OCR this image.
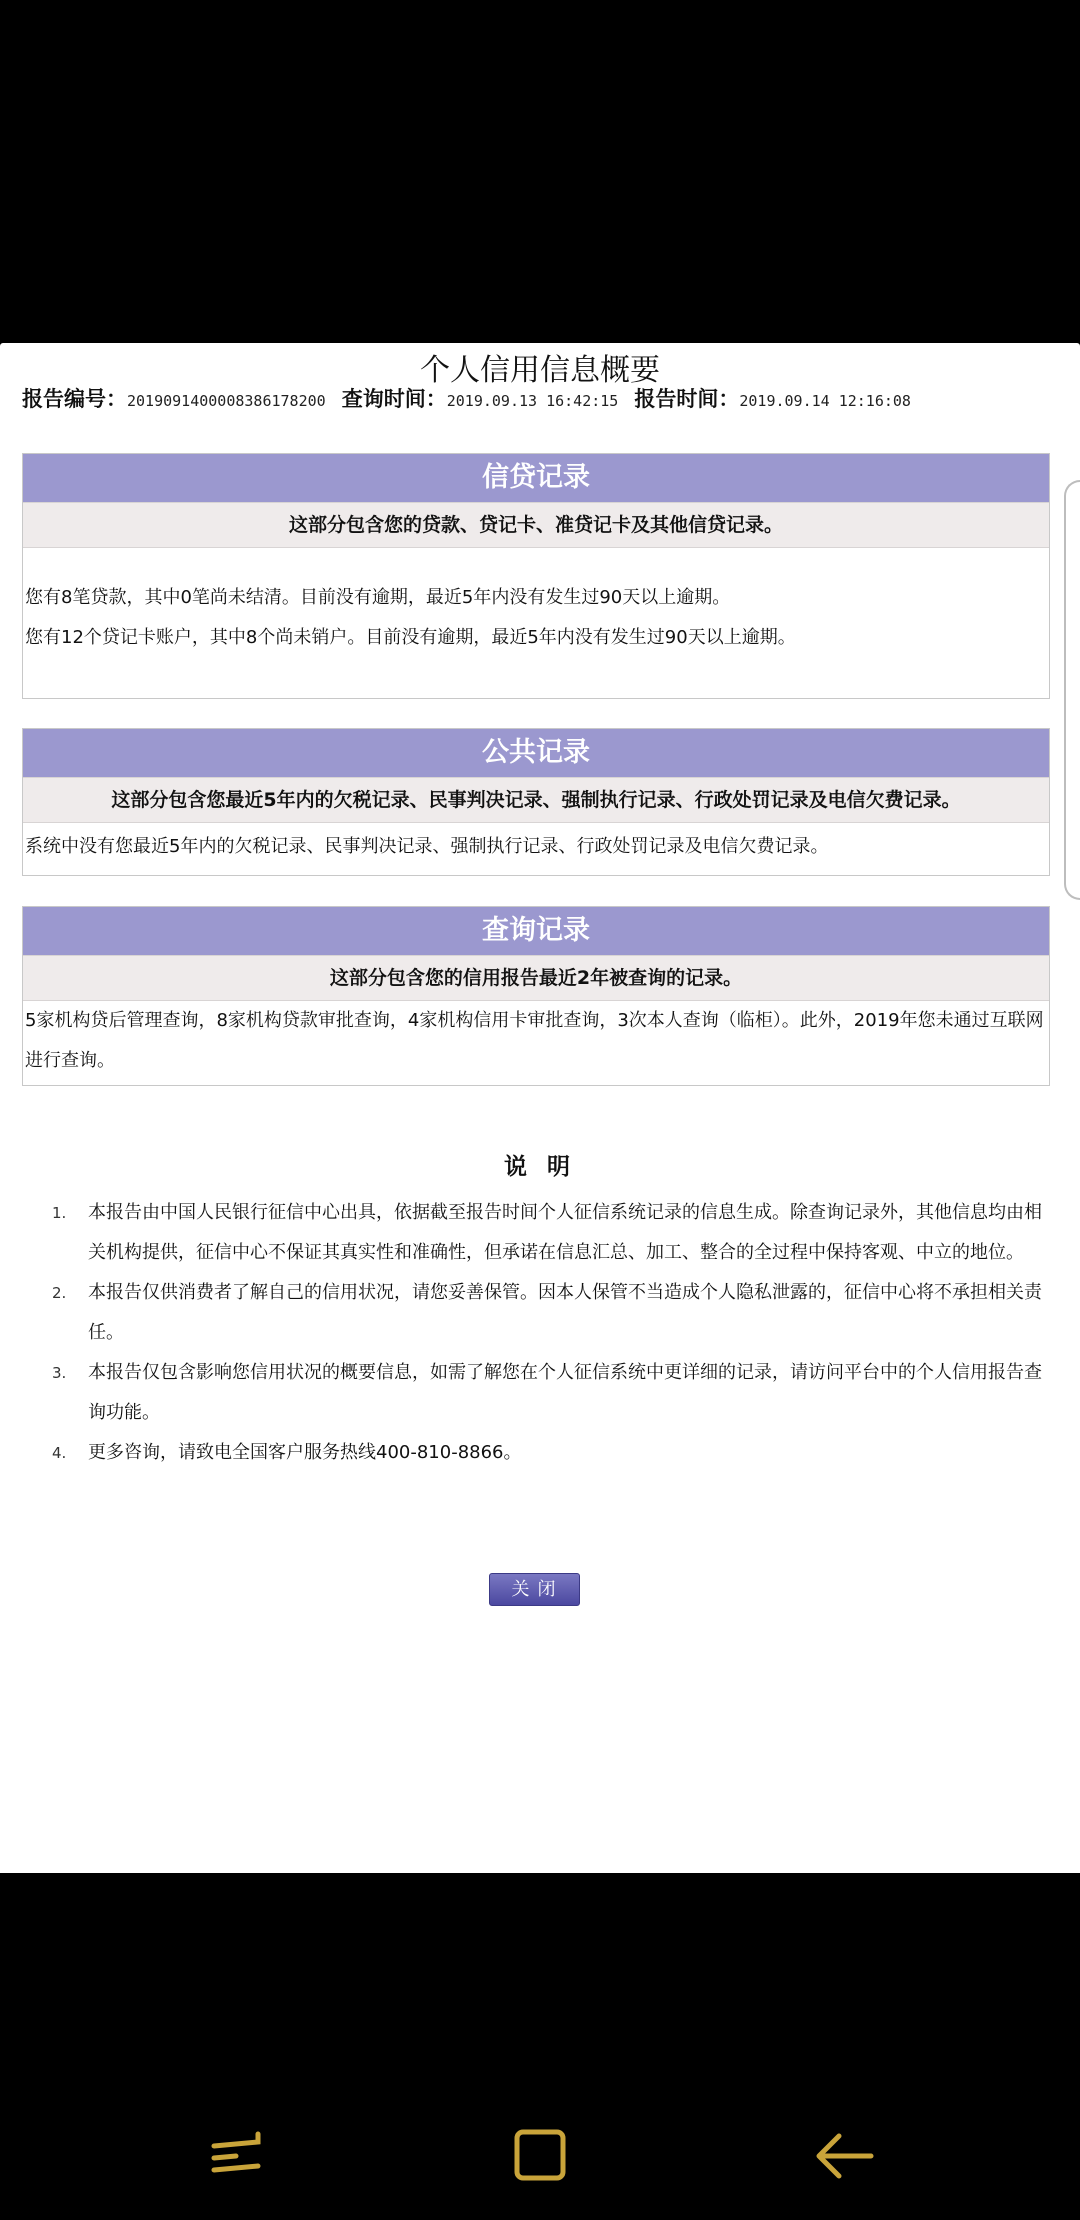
个人信用信息概要
报告编号：2019091400008386178200 查询时间：2019.09.13 16:42:15 报告时间：2019.09.14 12:16:08
信贷记录
这部分包含您的贷款、贷记卡、准贷记卡及其他信贷记录。

您有8笔贷款，其中0笔尚未结清。目前没有逾期，最近5年内没有发生过90天以上逾期。

您有12个贷记卡账户，其中8个尚未销户。目前没有逾期，最近5年内没有发生过90天以上逾期。

公共记录
这部分包含您最近5年内的欠税记录、民事判决记录、强制执行记录、行政处罚记录及电信欠费记录。

系统中没有您最近5年内的欠税记录、民事判决记录、强制执行记录、行政处罚记录及电信欠费记录。

查询记录
这部分包含您的信用报告最近2年被查询的记录。

5家机构贷后管理查询，8家机构贷款审批查询，4家机构信用卡审批查询，3次本人查询（临柜）。此外，2019年您未通过互联网进行查询。

说 明
1. 本报告由中国人民银行征信中心出具，依据截至报告时间个人征信系统记录的信息生成。除查询记录外，其他信息均由相关机构提供，征信中心不保证其真实性和准确性，但承诺在信息汇总、加工、整合的全过程中保持客观、中立的地位。
2. 本报告仅供消费者了解自己的信用状况，请您妥善保管。因本人保管不当造成个人隐私泄露的，征信中心将不承担相关责任。
3. 本报告仅包含影响您信用状况的概要信息，如需了解您在个人征信系统中更详细的记录，请访问平台中的个人信用报告查询功能。
4. 更多咨询，请致电全国客户服务热线400-810-8866。
关闭
